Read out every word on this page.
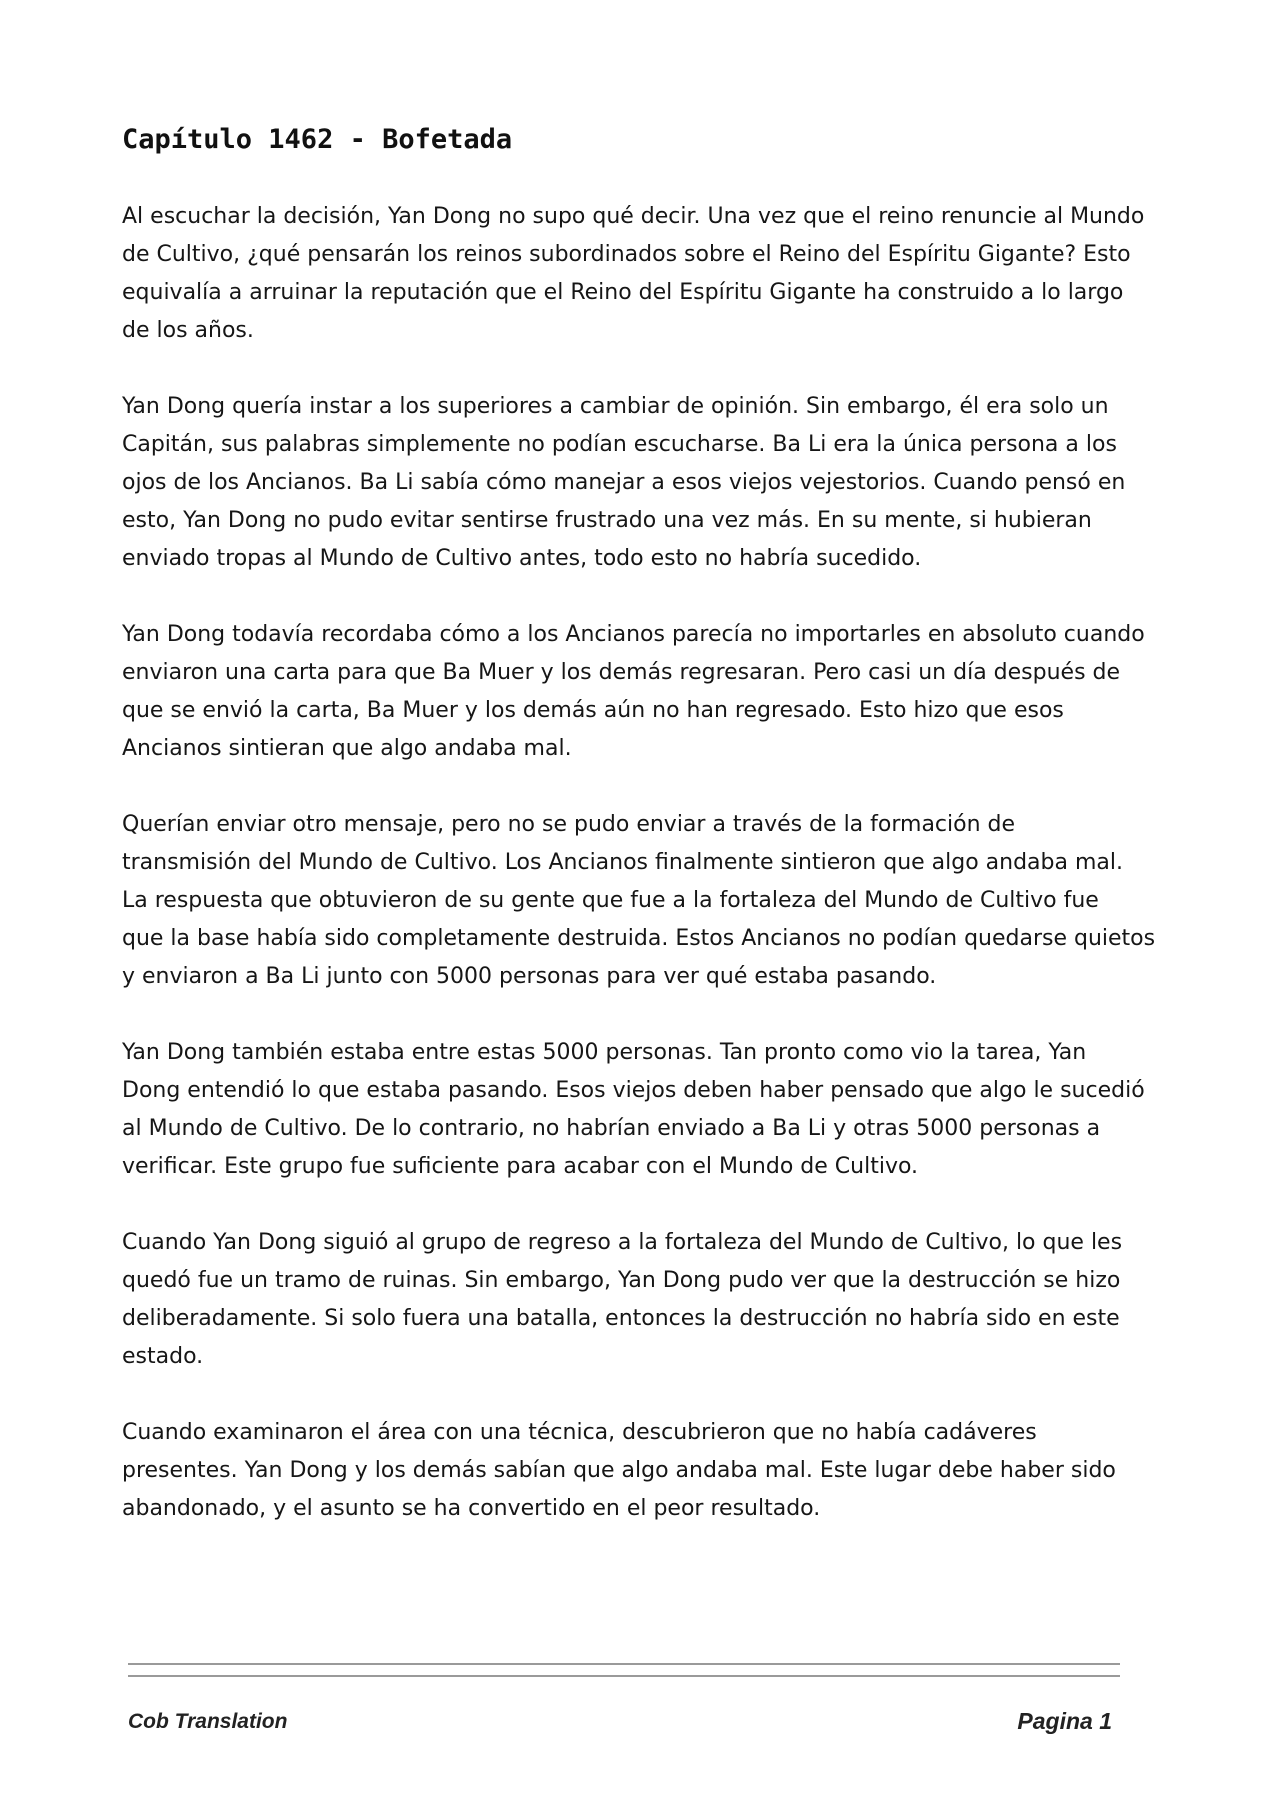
Capítulo 1462 - Bofetada

Al escuchar la decisión, Yan Dong no supo qué decir. Una vez que el reino renuncie al Mundo
de Cultivo, ¿qué pensarán los reinos subordinados sobre el Reino del Espíritu Gigante? Esto
equivalía a arruinar la reputación que el Reino del Espíritu Gigante ha construido a lo largo
de los años.

Yan Dong quería instar a los superiores a cambiar de opinión. Sin embargo, él era solo un
Capitán, sus palabras simplemente no podían escucharse. Ba Li era la única persona a los
ojos de los Ancianos. Ba Li sabía cómo manejar a esos viejos vejestorios. Cuando pensó en
esto, Yan Dong no pudo evitar sentirse frustrado una vez más. En su mente, si hubieran
enviado tropas al Mundo de Cultivo antes, todo esto no habría sucedido.

Yan Dong todavía recordaba cómo a los Ancianos parecía no importarles en absoluto cuando
enviaron una carta para que Ba Muer y los demás regresaran. Pero casi un día después de
que se envió la carta, Ba Muer y los demás aún no han regresado. Esto hizo que esos
Ancianos sintieran que algo andaba mal.

Querían enviar otro mensaje, pero no se pudo enviar a través de la formación de
transmisión del Mundo de Cultivo. Los Ancianos finalmente sintieron que algo andaba mal.
La respuesta que obtuvieron de su gente que fue a la fortaleza del Mundo de Cultivo fue
que la base había sido completamente destruida. Estos Ancianos no podían quedarse quietos
y enviaron a Ba Li junto con 5000 personas para ver qué estaba pasando.

Yan Dong también estaba entre estas 5000 personas. Tan pronto como vio la tarea, Yan
Dong entendió lo que estaba pasando. Esos viejos deben haber pensado que algo le sucedió
al Mundo de Cultivo. De lo contrario, no habrían enviado a Ba Li y otras 5000 personas a
verificar. Este grupo fue suficiente para acabar con el Mundo de Cultivo.

Cuando Yan Dong siguió al grupo de regreso a la fortaleza del Mundo de Cultivo, lo que les
quedó fue un tramo de ruinas. Sin embargo, Yan Dong pudo ver que la destrucción se hizo
deliberadamente. Si solo fuera una batalla, entonces la destrucción no habría sido en este
estado.

Cuando examinaron el área con una técnica, descubrieron que no había cadáveres
presentes. Yan Dong y los demás sabían que algo andaba mal. Este lugar debe haber sido
abandonado, y el asunto se ha convertido en el peor resultado.

Cob Translation	Pagina 1
